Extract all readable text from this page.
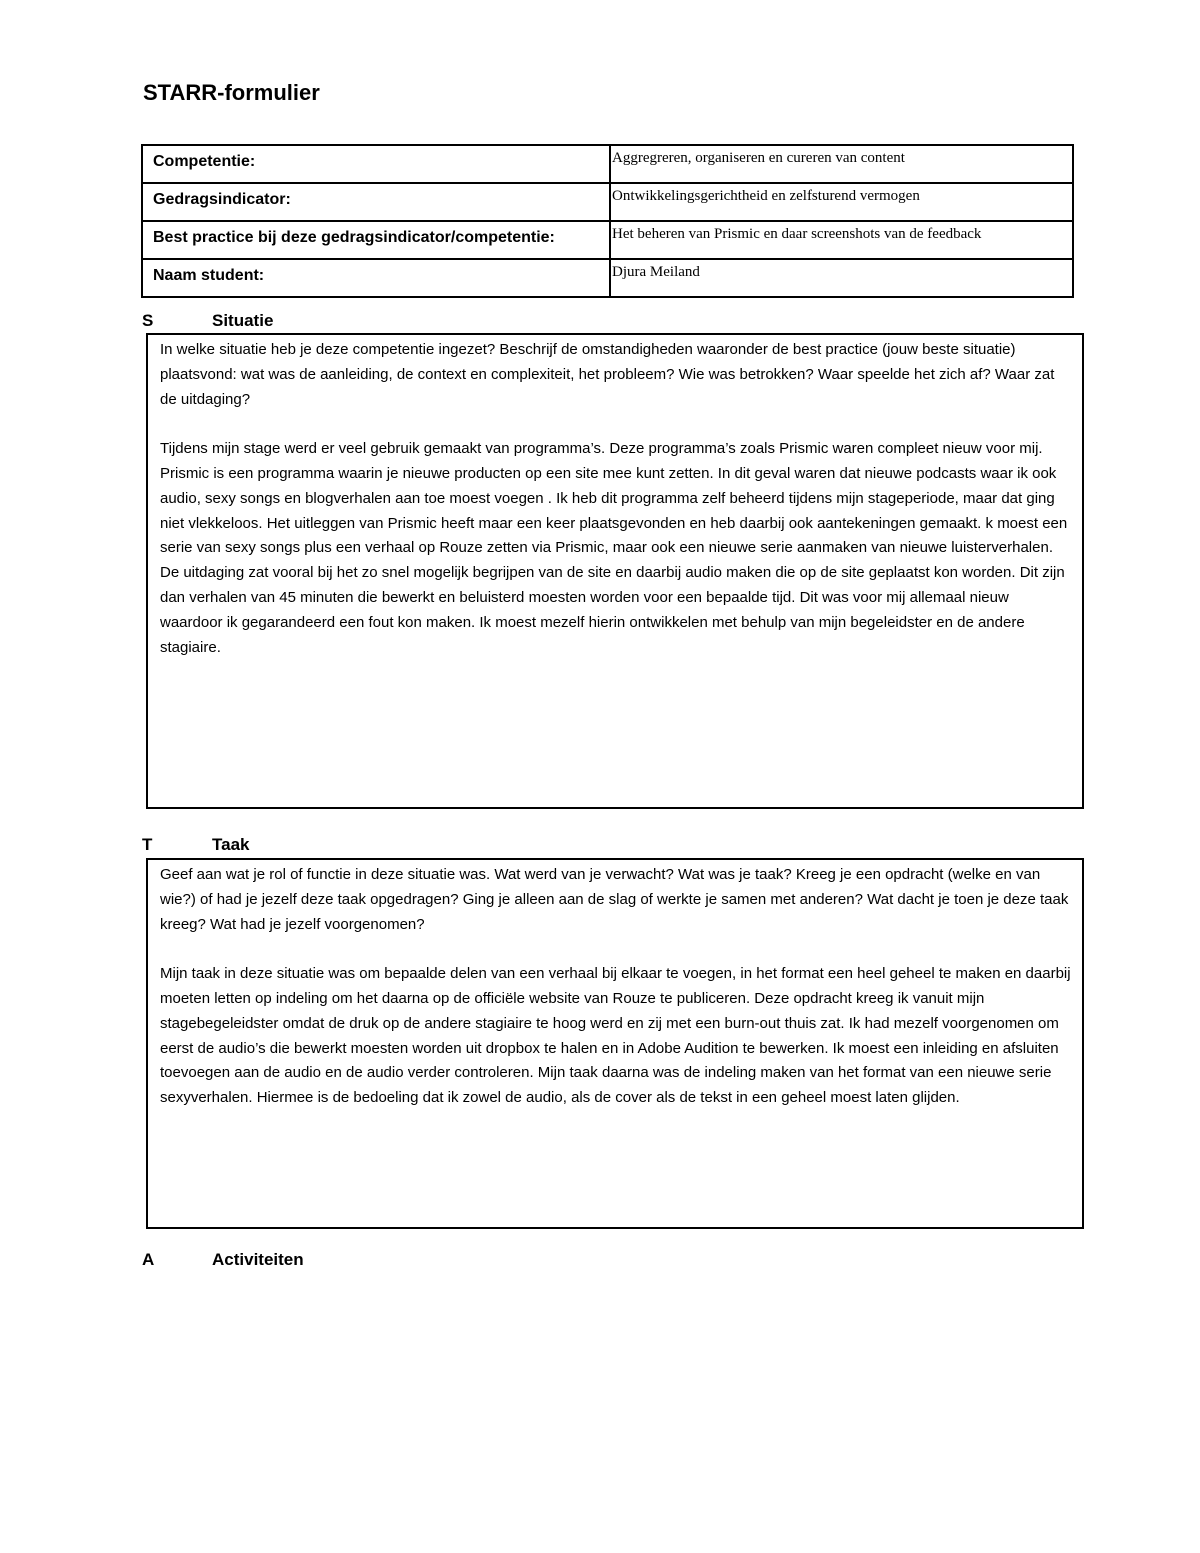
STARR-formulier
Competentie:	Aggregreren, organiseren en cureren van content
Gedragsindicator:	Ontwikkelingsgerichtheid en zelfsturend vermogen
Best practice bij deze gedragsindicator/competentie:	Het beheren van Prismic en daar screenshots van de feedback
Naam student:	Djura Meiland
S	Situatie

In welke situatie heb je deze competentie ingezet? Beschrijf de omstandigheden waaronder de best practice (jouw beste situatie) plaatsvond: wat was de aanleiding, de context en complexiteit, het probleem? Wie was betrokken? Waar speelde het zich af? Waar zat de uitdaging?

Tijdens mijn stage werd er veel gebruik gemaakt van programma’s. Deze programma’s zoals Prismic waren compleet nieuw voor mij. Prismic is een programma waarin je nieuwe producten op een site mee kunt zetten. In dit geval waren dat nieuwe podcasts waar ik ook audio, sexy songs en blogverhalen aan toe moest voegen . Ik heb dit programma zelf beheerd tijdens mijn stageperiode, maar dat ging niet vlekkeloos. Het uitleggen van Prismic heeft maar een keer plaatsgevonden en heb daarbij ook aantekeningen gemaakt. k moest een serie van sexy songs plus een verhaal op Rouze zetten via Prismic, maar ook een nieuwe serie aanmaken van nieuwe luisterverhalen. De uitdaging zat vooral bij het zo snel mogelijk begrijpen van de site en daarbij audio maken die op de site geplaatst kon worden. Dit zijn dan verhalen van 45 minuten die bewerkt en beluisterd moesten worden voor een bepaalde tijd. Dit was voor mij allemaal nieuw waardoor ik gegarandeerd een fout kon maken. Ik moest mezelf hierin ontwikkelen met behulp van mijn begeleidster en de andere stagiaire.

T	Taak

Geef aan wat je rol of functie in deze situatie was. Wat werd van je verwacht? Wat was je taak? Kreeg je een opdracht (welke en van wie?) of had je jezelf deze taak opgedragen? Ging je alleen aan de slag of werkte je samen met anderen? Wat dacht je toen je deze taak kreeg? Wat had je jezelf voorgenomen?

Mijn taak in deze situatie was om bepaalde delen van een verhaal bij elkaar te voegen, in het format een heel geheel te maken en daarbij moeten letten op indeling om het daarna op de officiële website van Rouze te publiceren. Deze opdracht kreeg ik vanuit mijn stagebegeleidster omdat de druk op de andere stagiaire te hoog werd en zij met een burn-out thuis zat. Ik had mezelf voorgenomen om eerst de audio’s die bewerkt moesten worden uit dropbox te halen en in Adobe Audition te bewerken. Ik moest een inleiding en afsluiten toevoegen aan de audio en de audio verder controleren. Mijn taak daarna was de indeling maken van het format van een nieuwe serie sexyverhalen. Hiermee is de bedoeling dat ik zowel de audio, als de cover als de tekst in een geheel moest laten glijden.

A	Activiteiten
